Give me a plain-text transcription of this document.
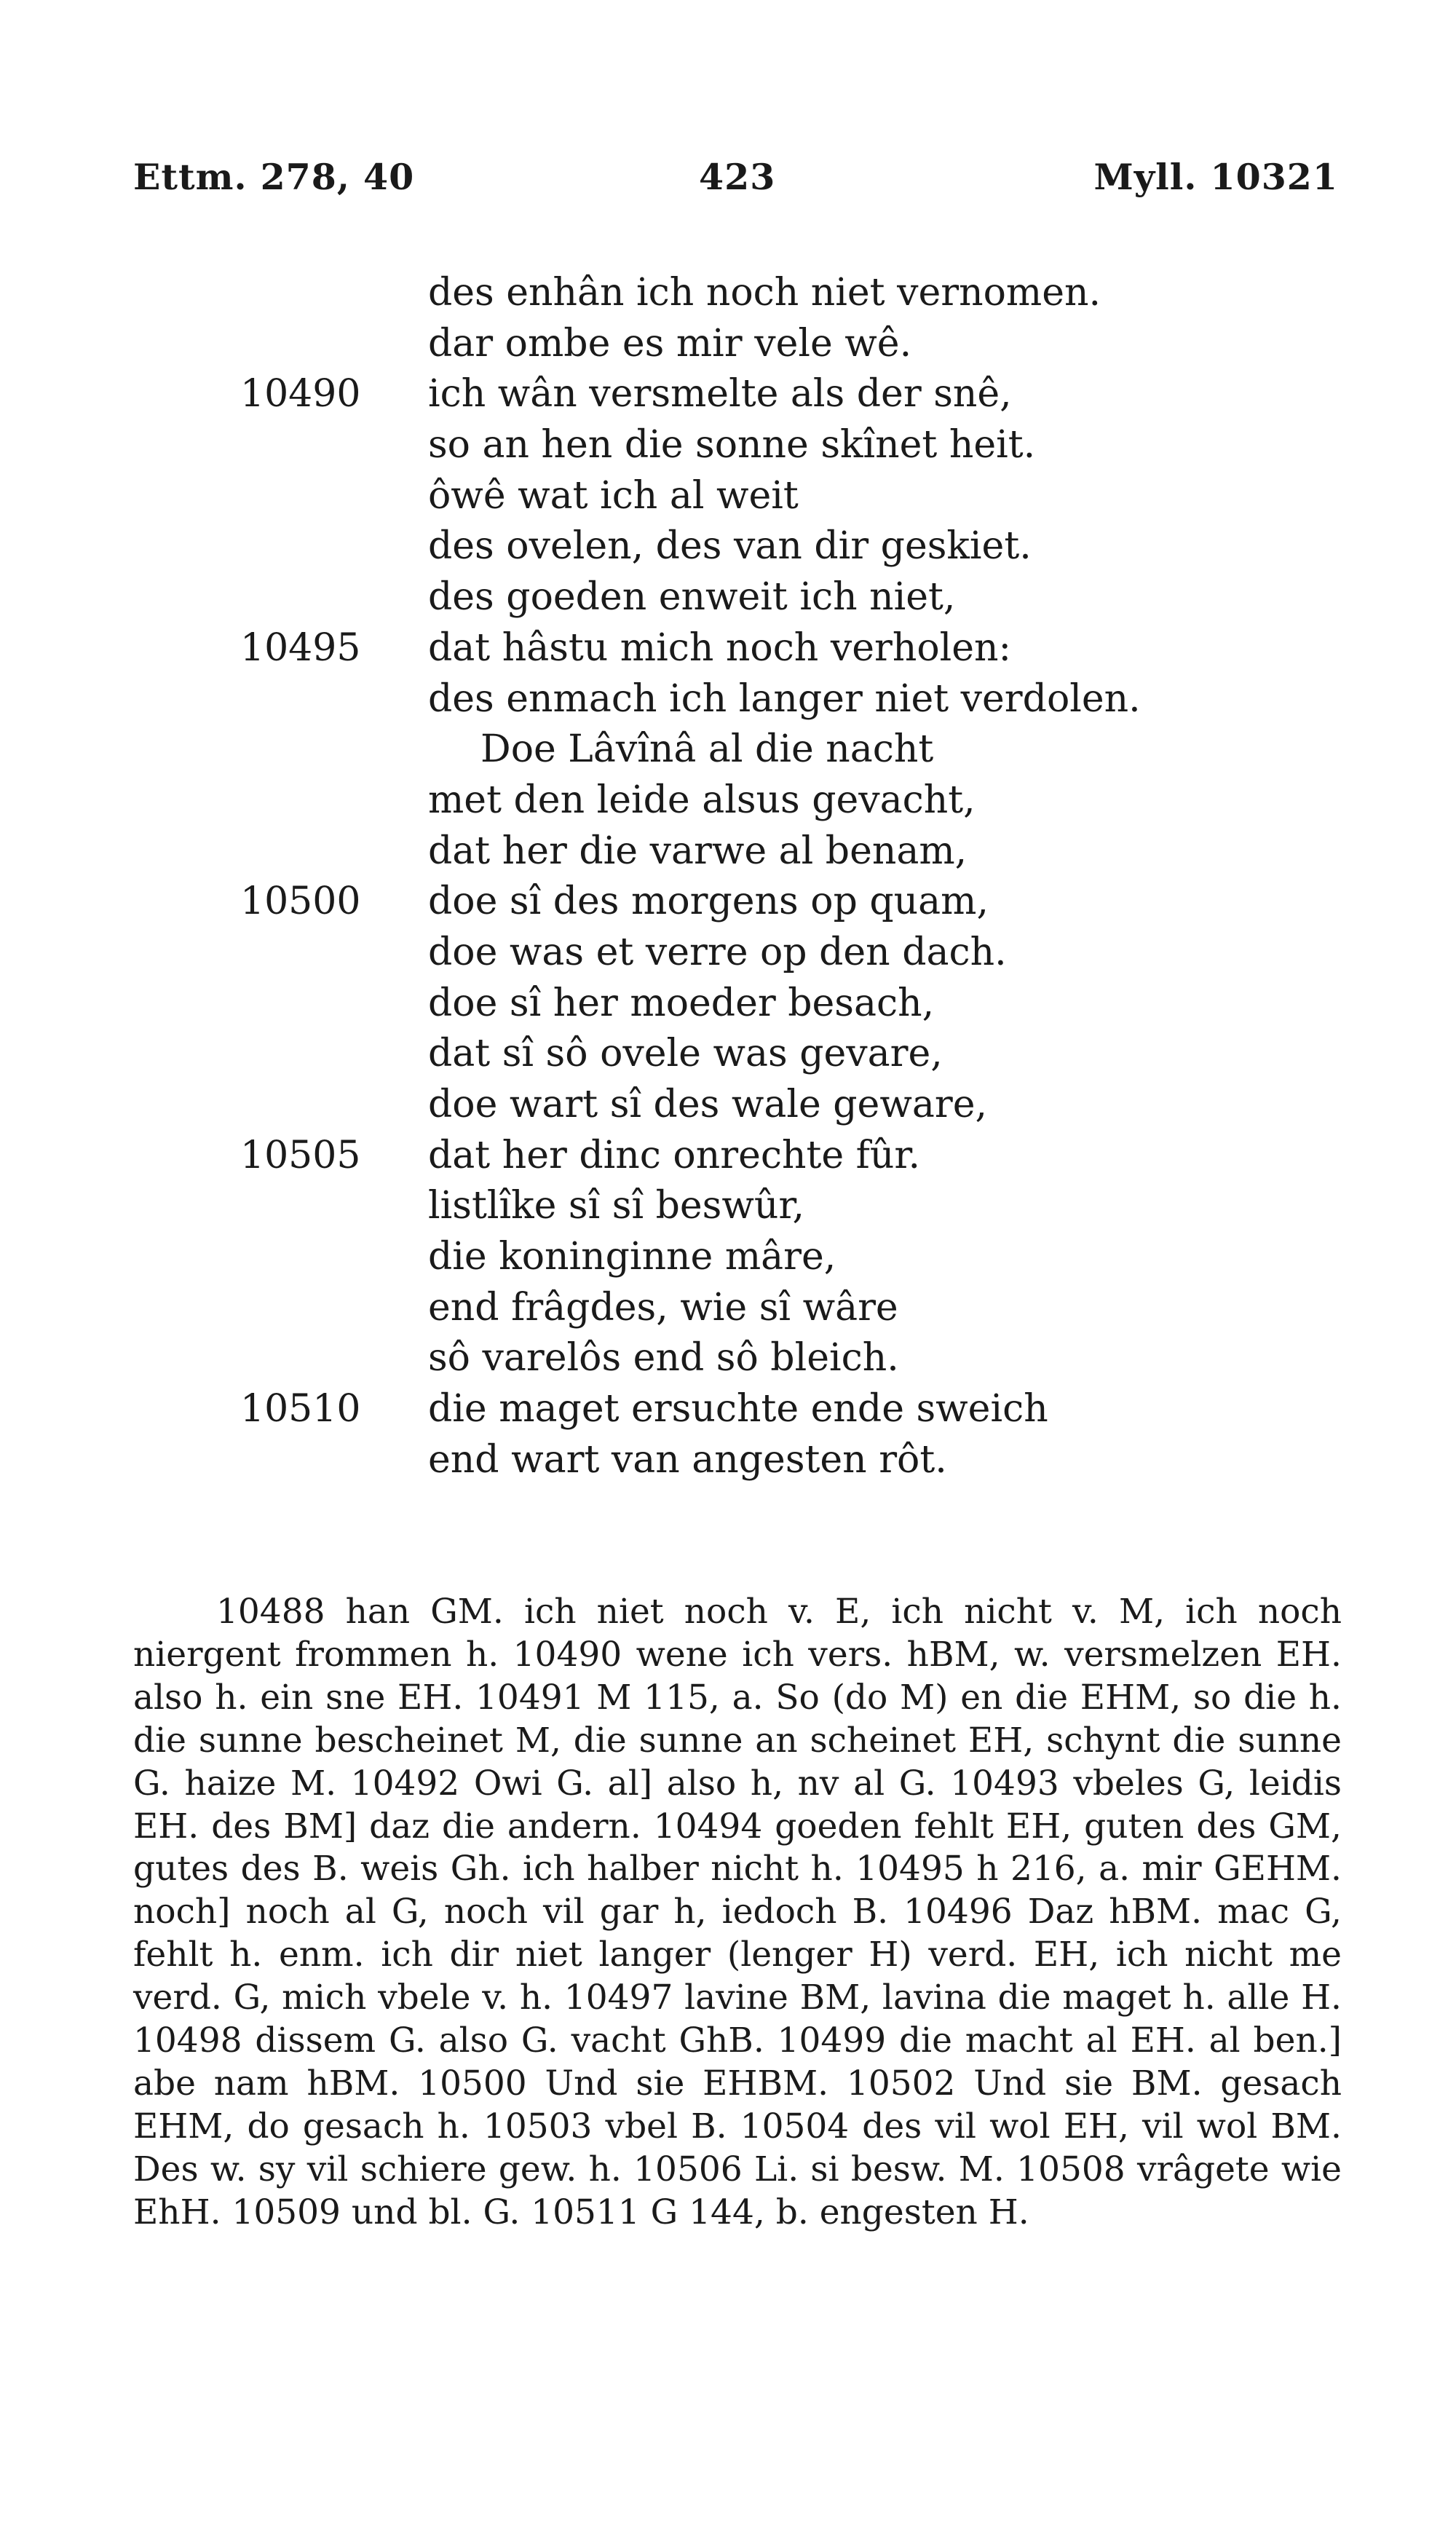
Ettm. 278, 40	423	Myll. 10321
des enhân ich noch niet vernomen.
dar ombe es mir vele wê.
10490	ich wân versmelte als der snê,
so an hen die sonne skînet heit.
ôwê wat ich al weit
des ovelen, des van dir geskiet.
des goeden enweit ich niet,
10495	dat hâstu mich noch verholen:
des enmach ich langer niet verdolen.
Doe Lâvînâ al die nacht
met den leide alsus gevacht,
dat her die varwe al benam,
10500	doe sî des morgens op quam,
doe was et verre op den dach.
doe sî her moeder besach,
dat sî sô ovele was gevare,
doe wart sî des wale geware,
10505	dat her dinc onrechte fûr.
listlîke sî sî beswûr,
die koninginne mâre,
end frâgdes, wie sî wâre
sô varelôs end sô bleich.
10510	die maget ersuchte ende sweich
end wart van angesten rôt.

10488 han GM. ich niet noch v. E, ich nicht v. M, ich noch niergent frommen h. 10490 wene ich vers. hBM, w. versmelzen EH. also h. ein sne EH. 10491 M 115, a. So (do M) en die EHM, so die h. die sunne bescheinet M, die sunne an scheinet EH, schynt die sunne G. haize M. 10492 Owi G. al] also h, nv al G. 10493 vbeles G, leidis EH. des BM] daz die andern. 10494 goeden fehlt EH, guten des GM, gutes des B. weis Gh. ich halber nicht h. 10495 h 216, a. mir GEHM. noch] noch al G, noch vil gar h, iedoch B. 10496 Daz hBM. mac G, fehlt h. enm. ich dir niet langer (lenger H) verd. EH, ich nicht me verd. G, mich vbele v. h. 10497 lavine BM, lavina die maget h. alle H. 10498 dissem G. also G. vacht GhB. 10499 die macht al EH. al ben.] abe nam hBM. 10500 Und sie EHBM. 10502 Und sie BM. gesach EHM, do gesach h. 10503 vbel B. 10504 des vil wol EH, vil wol BM. Des w. sy vil schiere gew. h. 10506 Li. si besw. M. 10508 vrâgete wie EhH. 10509 und bl. G. 10511 G 144, b. engesten H.
